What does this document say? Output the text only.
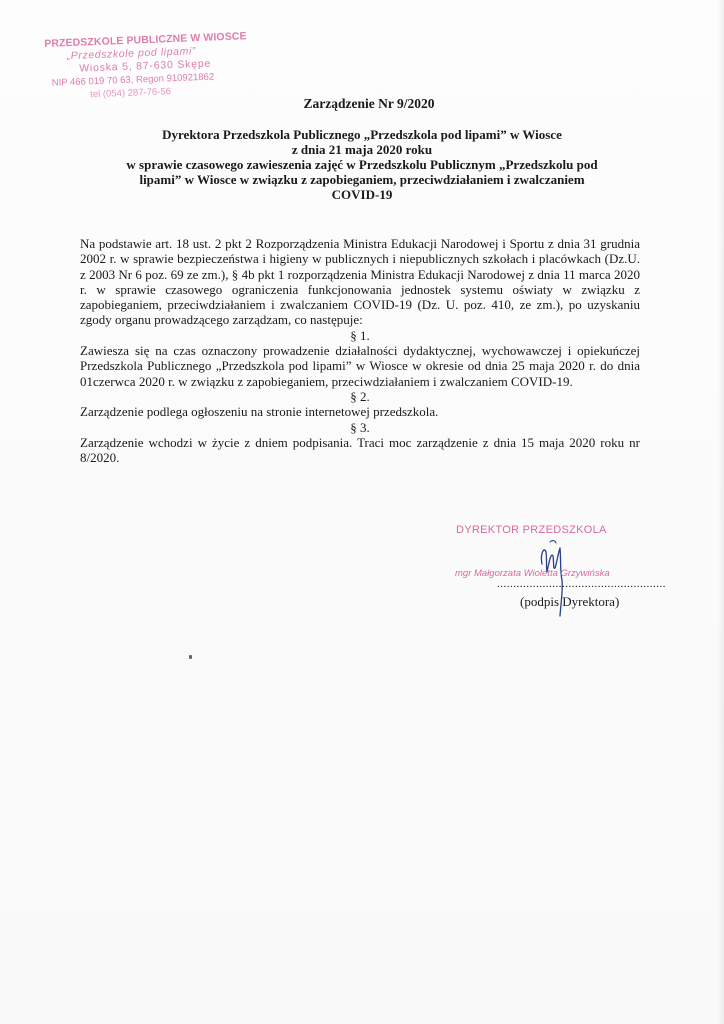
PRZEDSZKOLE PUBLICZNE W WIOSCE
„Przedszkole pod lipami”
Wioska 5, 87-630 Skępe
NIP 466 019 70 63, Regon 910921862
tel (054) 287-76-56
Zarządzenie Nr 9/2020
Dyrektora Przedszkola Publicznego „Przedszkola pod lipami” w Wiosce
z dnia 21 maja 2020 roku
w sprawie czasowego zawieszenia zajęć w Przedszkolu Publicznym „Przedszkolu pod
lipami” w Wiosce w związku z zapobieganiem, przeciwdziałaniem i zwalczaniem
COVID-19

Na podstawie art. 18 ust. 2 pkt 2 Rozporządzenia Ministra Edukacji Narodowej i Sportu z dnia 31 grudnia 2002 r. w sprawie bezpieczeństwa i higieny w publicznych i niepublicznych szkołach i placówkach (Dz.U. z 2003 Nr 6 poz. 69 ze zm.), § 4b pkt 1 rozporządzenia Ministra Edukacji Narodowej z dnia 11 marca 2020 r. w sprawie czasowego ograniczenia funkcjonowania jednostek systemu oświaty w związku z zapobieganiem, przeciwdziałaniem i zwalczaniem COVID-19 (Dz. U. poz. 410, ze zm.), po uzyskaniu zgody organu prowadzącego zarządzam, co następuje:

§ 1.

Zawiesza się na czas oznaczony prowadzenie działalności dydaktycznej, wychowawczej i opiekuńczej Przedszkola Publicznego „Przedszkola pod lipami” w Wiosce w okresie od dnia 25 maja 2020 r. do dnia 01czerwca 2020 r. w związku z zapobieganiem, przeciwdziałaniem i zwalczaniem COVID-19.

§ 2.

Zarządzenie podlega ogłoszeniu na stronie internetowej przedszkola.

§ 3.

Zarządzenie wchodzi w życie z dniem podpisania. Traci moc zarządzenie z dnia 15 maja 2020 roku nr 8/2020.

DYREKTOR PRZEDSZKOLA
mgr Małgorzata Wioletta Grzywińska
....................................................
(podpis Dyrektora)
